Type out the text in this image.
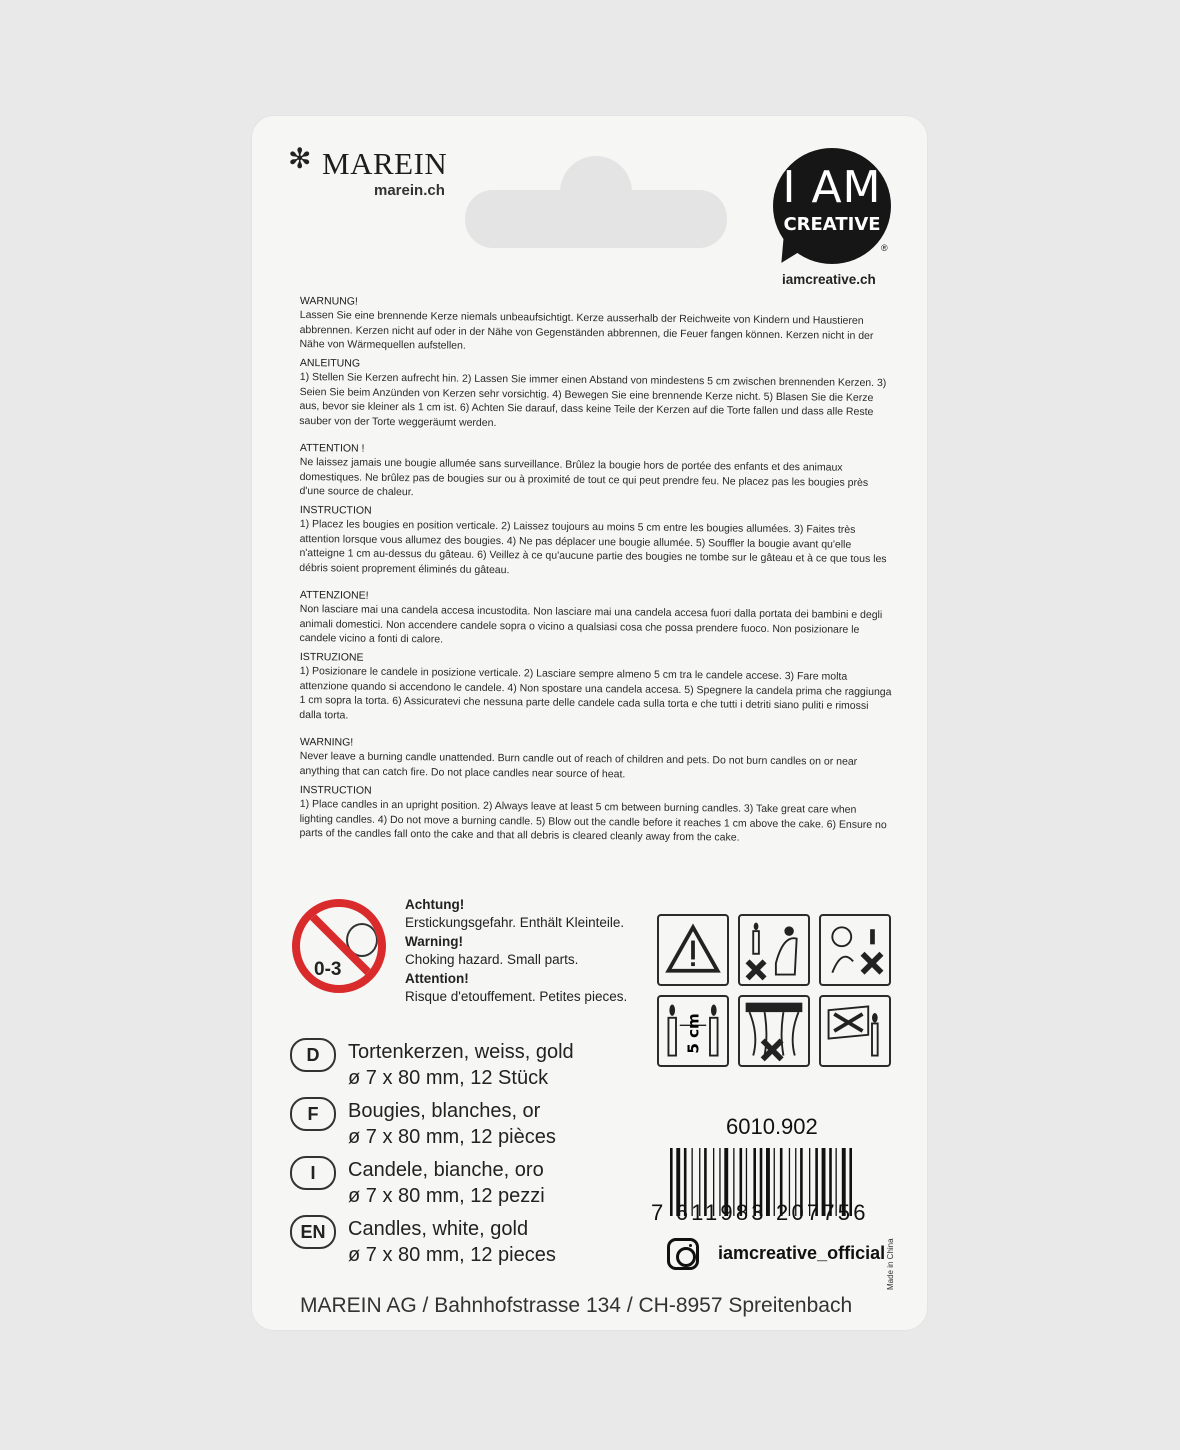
✻ MAREIN
marein.ch	I AM
CREATIVE
®
iamcreative.ch
WARNUNG!

Lassen Sie eine brennende Kerze niemals unbeaufsichtigt. Kerze ausserhalb der Reichweite von Kindern und Haustieren abbrennen. Kerzen nicht auf oder in der Nähe von Gegenständen abbrennen, die Feuer fangen können. Kerzen nicht in der Nähe von Wärmequellen aufstellen.

ANLEITUNG

1) Stellen Sie Kerzen aufrecht hin. 2) Lassen Sie immer einen Abstand von mindestens 5 cm zwischen brennenden Kerzen. 3) Seien Sie beim Anzünden von Kerzen sehr vorsichtig. 4) Bewegen Sie eine brennende Kerze nicht. 5) Blasen Sie die Kerze aus, bevor sie kleiner als 1 cm ist. 6) Achten Sie darauf, dass keine Teile der Kerzen auf die Torte fallen und dass alle Reste sauber von der Torte weggeräumt werden.

ATTENTION !

Ne laissez jamais une bougie allumée sans surveillance. Brûlez la bougie hors de portée des enfants et des animaux domestiques. Ne brûlez pas de bougies sur ou à proximité de tout ce qui peut prendre feu. Ne placez pas les bougies près d'une source de chaleur.

INSTRUCTION

1) Placez les bougies en position verticale. 2) Laissez toujours au moins 5 cm entre les bougies allumées. 3) Faites très attention lorsque vous allumez des bougies. 4) Ne pas déplacer une bougie allumée. 5) Souffler la bougie avant qu'elle n'atteigne 1 cm au-dessus du gâteau. 6) Veillez à ce qu'aucune partie des bougies ne tombe sur le gâteau et à ce que tous les débris soient proprement éliminés du gâteau.

ATTENZIONE!

Non lasciare mai una candela accesa incustodita. Non lasciare mai una candela accesa fuori dalla portata dei bambini e degli animali domestici. Non accendere candele sopra o vicino a qualsiasi cosa che possa prendere fuoco. Non posizionare le candele vicino a fonti di calore.

ISTRUZIONE

1) Posizionare le candele in posizione verticale. 2) Lasciare sempre almeno 5 cm tra le candele accese. 3) Fare molta attenzione quando si accendono le candele. 4) Non spostare una candela accesa. 5) Spegnere la candela prima che raggiunga 1 cm sopra la torta. 6) Assicuratevi che nessuna parte delle candele cada sulla torta e che tutti i detriti siano puliti e rimossi dalla torta.

WARNING!

Never leave a burning candle unattended. Burn candle out of reach of children and pets. Do not burn candles on or near anything that can catch fire. Do not place candles near source of heat.

INSTRUCTION

1) Place candles in an upright position. 2) Always leave at least 5 cm between burning candles. 3) Take great care when lighting candles. 4) Do not move a burning candle. 5) Blow out the candle before it reaches 1 cm above the cake. 6) Ensure no parts of the candles fall onto the cake and that all debris is cleared cleanly away from the cake.

0-3
Achtung!
Erstickungsgefahr. Enthält Kleinteile.
Warning!
Choking hazard. Small parts.
Attention!
Risque d'etouffement. Petites pieces.
5 cm
D	Tortenkerzen, weiss, gold
ø 7 x 80 mm, 12 Stück
F	Bougies, blanches, or
ø 7 x 80 mm, 12 pièces
I	Candele, bianche, oro
ø 7 x 80 mm, 12 pezzi
EN	Candles, white, gold
ø 7 x 80 mm, 12 pieces
6010.902
7 611983 207756
iamcreative_official
MAREIN AG / Bahnhofstrasse 134 / CH-8957 Spreitenbach
Made in China
